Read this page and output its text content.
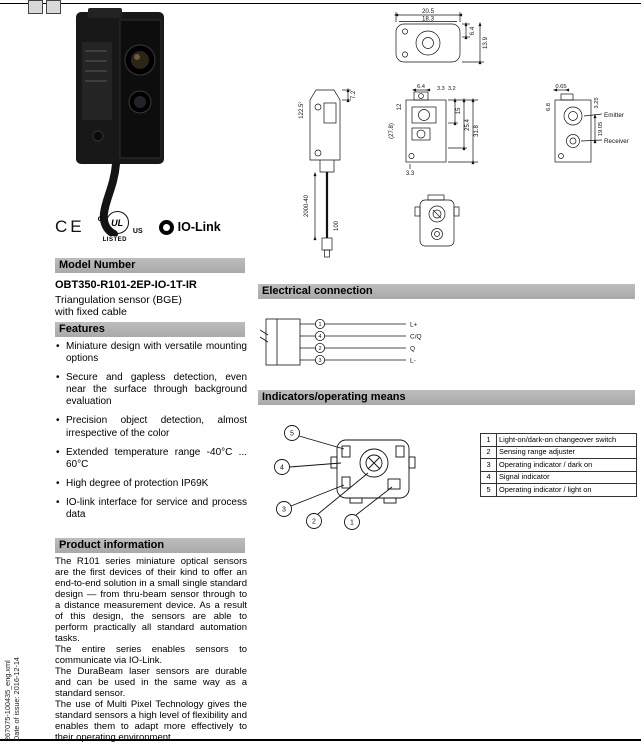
267075-100435_eng.xml Date of issue: 2016-12-14
CE c UL
US
LISTED
IO-Link
Model Number
OBT350-R101-2EP-IO-1T-IR
Triangulation sensor (BGE)
with fixed cable
Features
• Miniature design with versatile mounting options
• Secure and gapless detection, even near the surface through background evaluation
• Precision object detection, almost irrespective of the color
• Extended temperature range -40°C ... 60°C
• High degree of protection IP69K
• IO-link interface for service and process data
Product information

The R101 series miniature optical sensors are the first devices of their kind to offer an end-to-end solution in a small single standard design — from thru-beam sensor through to a distance measurement device. As a result of this design, the sensors are able to perform practically all standard automation tasks.

The entire series enables sensors to communicate via IO-Link.

The DuraBeam laser sensors are durable and can be used in the same way as a standard sensor.

The use of Multi Pixel Technology gives the standard sensors a high level of flexibility and enables them to adapt more effectively to their operating environment.

20.5
18.3
6.4
13.9
7.2
122.5°
2000-40
100
6.4 3.3 3.2
15
25.4
31.8
(27.8)
12
3.3
0.65
3.25
6.8
19.05
Emitter
Receiver
Electrical connection
1
4
2
3
L+
C/Q
Q
L-
Indicators/operating means
5
4
3
2	1
1	Light-on/dark-on changeover switch
2	Sensing range adjuster
3	Operating indicator / dark on
4	Signal indicator
5	Operating indicator / light on
